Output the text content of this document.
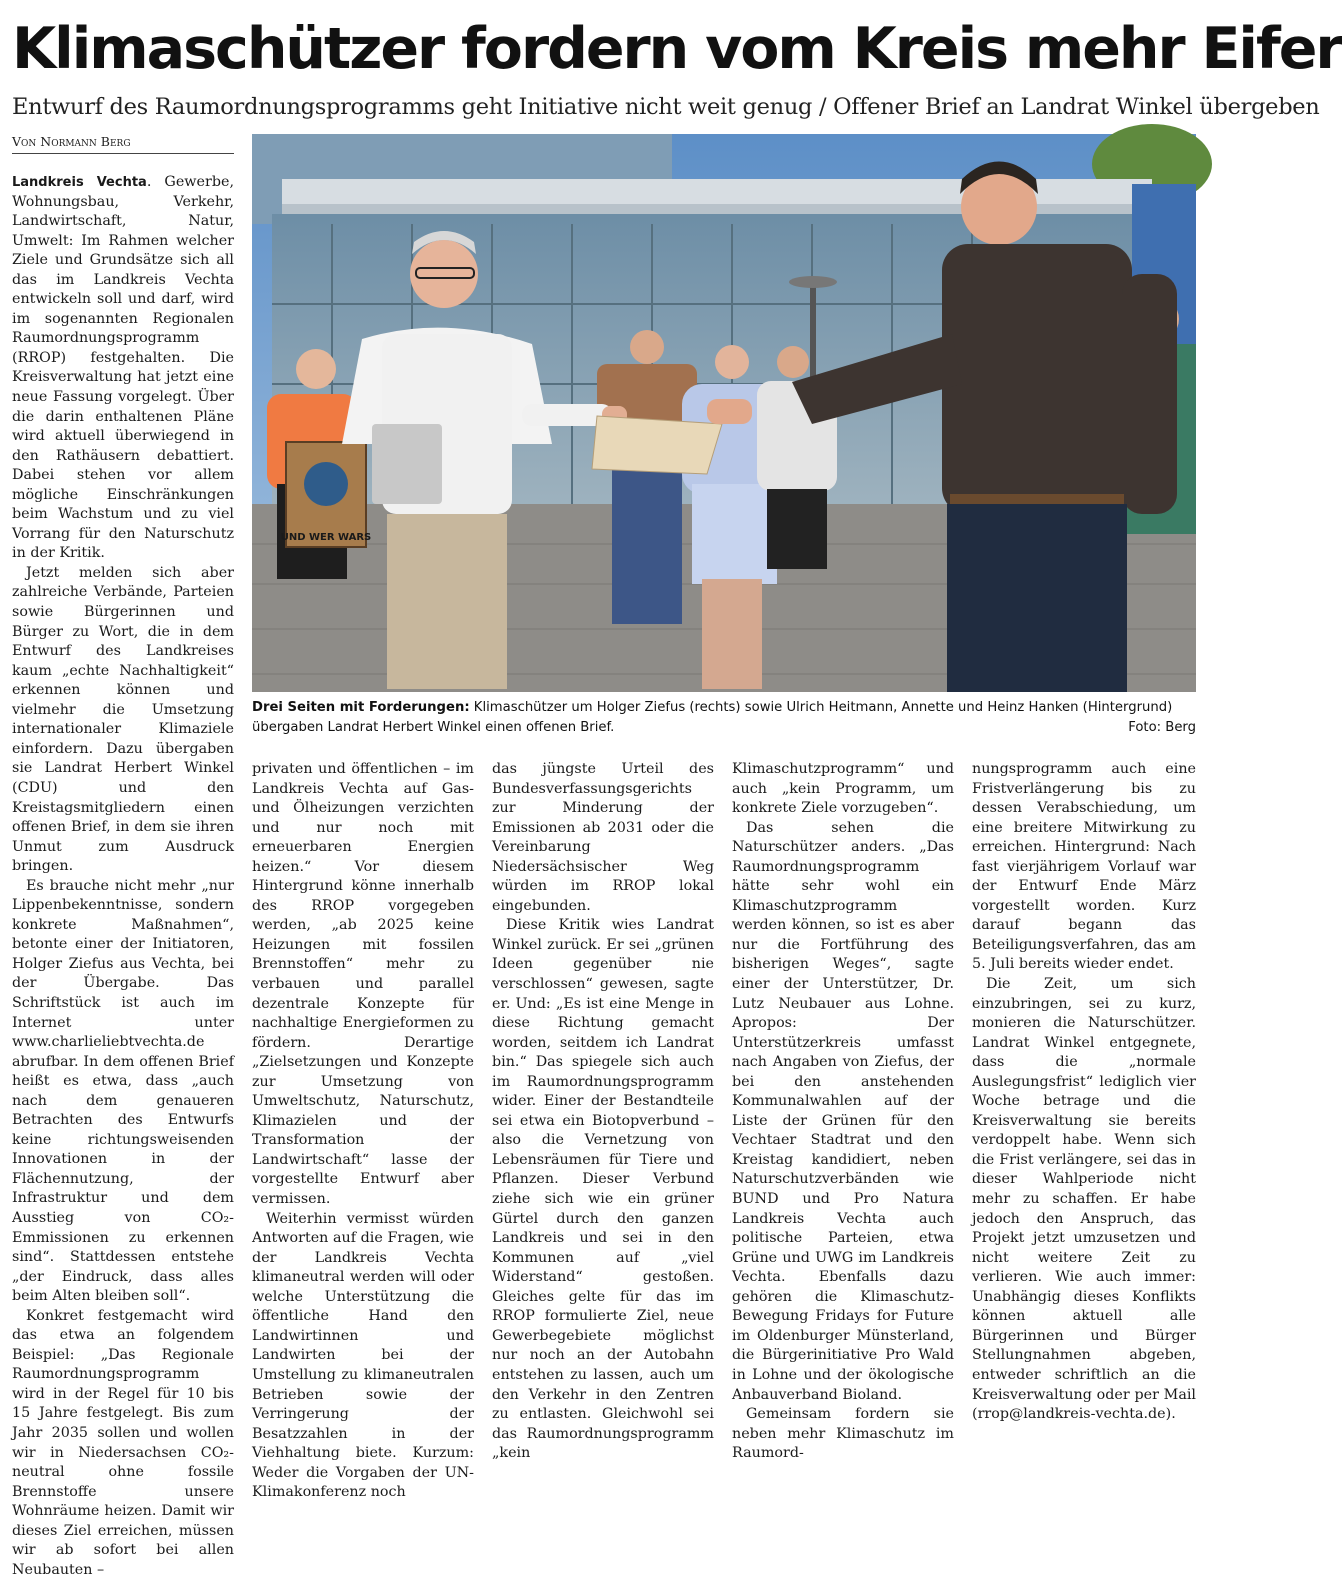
Klimaschützer fordern vom Kreis mehr Eifer
Entwurf des Raumordnungsprogramms geht Initiative nicht weit genug / Offener Brief an Landrat Winkel übergeben
Von Normann Berg

Landkreis Vechta. Gewerbe, Wohnungsbau, Verkehr, Landwirtschaft, Natur, Umwelt: Im Rahmen welcher Ziele und Grundsätze sich all das im Landkreis Vechta entwickeln soll und darf, wird im sogenannten Regionalen Raumordnungsprogramm (RROP) festgehalten. Die Kreisverwaltung hat jetzt eine neue Fassung vorgelegt. Über die darin enthaltenen Pläne wird aktuell überwiegend in den Rathäusern debattiert. Dabei stehen vor allem mögliche Einschränkungen beim Wachstum und zu viel Vorrang für den Naturschutz in der Kritik.

Jetzt melden sich aber zahlreiche Verbände, Parteien sowie Bürgerinnen und Bürger zu Wort, die in dem Entwurf des Landkreises kaum „echte Nachhaltigkeit“ erkennen können und vielmehr die Umsetzung internationaler Klimaziele einfordern. Dazu übergaben sie Landrat Herbert Winkel (CDU) und den Kreistagsmitgliedern einen offenen Brief, in dem sie ihren Unmut zum Ausdruck bringen.

Es brauche nicht mehr „nur Lippenbekenntnisse, sondern konkrete Maßnahmen“, betonte einer der Initiatoren, Holger Ziefus aus Vechta, bei der Übergabe. Das Schriftstück ist auch im Internet unter www.charlieliebtvechta.de abrufbar. In dem offenen Brief heißt es etwa, dass „auch nach dem genaueren Betrachten des Entwurfs keine richtungsweisenden Innovationen in der Flächennutzung, der Infrastruktur und dem Ausstieg von CO₂-Emmissionen zu erkennen sind“. Stattdessen entstehe „der Eindruck, dass alles beim Alten bleiben soll“.

Konkret festgemacht wird das etwa an folgendem Beispiel: „Das Regionale Raumordnungsprogramm wird in der Regel für 10 bis 15 Jahre festgelegt. Bis zum Jahr 2035 sollen und wollen wir in Niedersachsen CO₂-neutral ohne fossile Brennstoffe unsere Wohnräume heizen. Damit wir dieses Ziel erreichen, müssen wir ab sofort bei allen Neubauten –

UND WER WARS
Drei Seiten mit Forderungen: Klimaschützer um Holger Ziefus (rechts) sowie Ulrich Heitmann, Annette und Heinz Hanken (Hintergrund) übergaben Landrat Herbert Winkel einen offenen Brief.	Foto: Berg

privaten und öffentlichen – im Landkreis Vechta auf Gas- und Ölheizungen verzichten und nur noch mit erneuerbaren Energien heizen.“ Vor diesem Hintergrund könne innerhalb des RROP vorgegeben werden, „ab 2025 keine Heizungen mit fossilen Brennstoffen“ mehr zu verbauen und parallel dezentrale Konzepte für nachhaltige Energieformen zu fördern. Derartige „Zielsetzungen und Konzepte zur Umsetzung von Umweltschutz, Naturschutz, Klimazielen und der Transformation der Landwirtschaft“ lasse der vorgestellte Entwurf aber vermissen.

Weiterhin vermisst würden Antworten auf die Fragen, wie der Landkreis Vechta klimaneutral werden will oder welche Unterstützung die öffentliche Hand den Landwirtinnen und Landwirten bei der Umstellung zu klimaneutralen Betrieben sowie der Verringerung der Besatzzahlen in der Viehhaltung biete. Kurzum: Weder die Vorgaben der UN-Klimakonferenz noch

das jüngste Urteil des Bundesverfassungsgerichts zur Minderung der Emissionen ab 2031 oder die Vereinbarung Niedersächsischer Weg würden im RROP lokal eingebunden.

Diese Kritik wies Landrat Winkel zurück. Er sei „grünen Ideen gegenüber nie verschlossen“ gewesen, sagte er. Und: „Es ist eine Menge in diese Richtung gemacht worden, seitdem ich Landrat bin.“ Das spiegele sich auch im Raumordnungsprogramm wider. Einer der Bestandteile sei etwa ein Biotopverbund – also die Vernetzung von Lebensräumen für Tiere und Pflanzen. Dieser Verbund ziehe sich wie ein grüner Gürtel durch den ganzen Landkreis und sei in den Kommunen auf „viel Widerstand“ gestoßen. Gleiches gelte für das im RROP formulierte Ziel, neue Gewerbegebiete möglichst nur noch an der Autobahn entstehen zu lassen, auch um den Verkehr in den Zentren zu entlasten. Gleichwohl sei das Raumordnungsprogramm „kein

Klimaschutzprogramm“ und auch „kein Programm, um konkrete Ziele vorzugeben“.

Das sehen die Naturschützer anders. „Das Raumordnungsprogramm hätte sehr wohl ein Klimaschutzprogramm werden können, so ist es aber nur die Fortführung des bisherigen Weges“, sagte einer der Unterstützer, Dr. Lutz Neubauer aus Lohne. Apropos: Der Unterstützerkreis umfasst nach Angaben von Ziefus, der bei den anstehenden Kommunalwahlen auf der Liste der Grünen für den Vechtaer Stadtrat und den Kreistag kandidiert, neben Naturschutzverbänden wie BUND und Pro Natura Landkreis Vechta auch politische Parteien, etwa Grüne und UWG im Landkreis Vechta. Ebenfalls dazu gehören die Klimaschutz-Bewegung Fridays for Future im Oldenburger Münsterland, die Bürgerinitiative Pro Wald in Lohne und der ökologische Anbauverband Bioland.

Gemeinsam fordern sie neben mehr Klimaschutz im Raumord-

nungsprogramm auch eine Fristverlängerung bis zu dessen Verabschiedung, um eine breitere Mitwirkung zu erreichen. Hintergrund: Nach fast vierjährigem Vorlauf war der Entwurf Ende März vorgestellt worden. Kurz darauf begann das Beteiligungsverfahren, das am 5. Juli bereits wieder endet.

Die Zeit, um sich einzubringen, sei zu kurz, monieren die Naturschützer. Landrat Winkel entgegnete, dass die „normale Auslegungsfrist“ lediglich vier Woche betrage und die Kreisverwaltung sie bereits verdoppelt habe. Wenn sich die Frist verlängere, sei das in dieser Wahlperiode nicht mehr zu schaffen. Er habe jedoch den Anspruch, das Projekt jetzt umzusetzen und nicht weitere Zeit zu verlieren. Wie auch immer: Unabhängig dieses Konflikts können aktuell alle Bürgerinnen und Bürger Stellungnahmen abgeben, entweder schriftlich an die Kreisverwaltung oder per Mail (rrop@landkreis-vechta.de).
